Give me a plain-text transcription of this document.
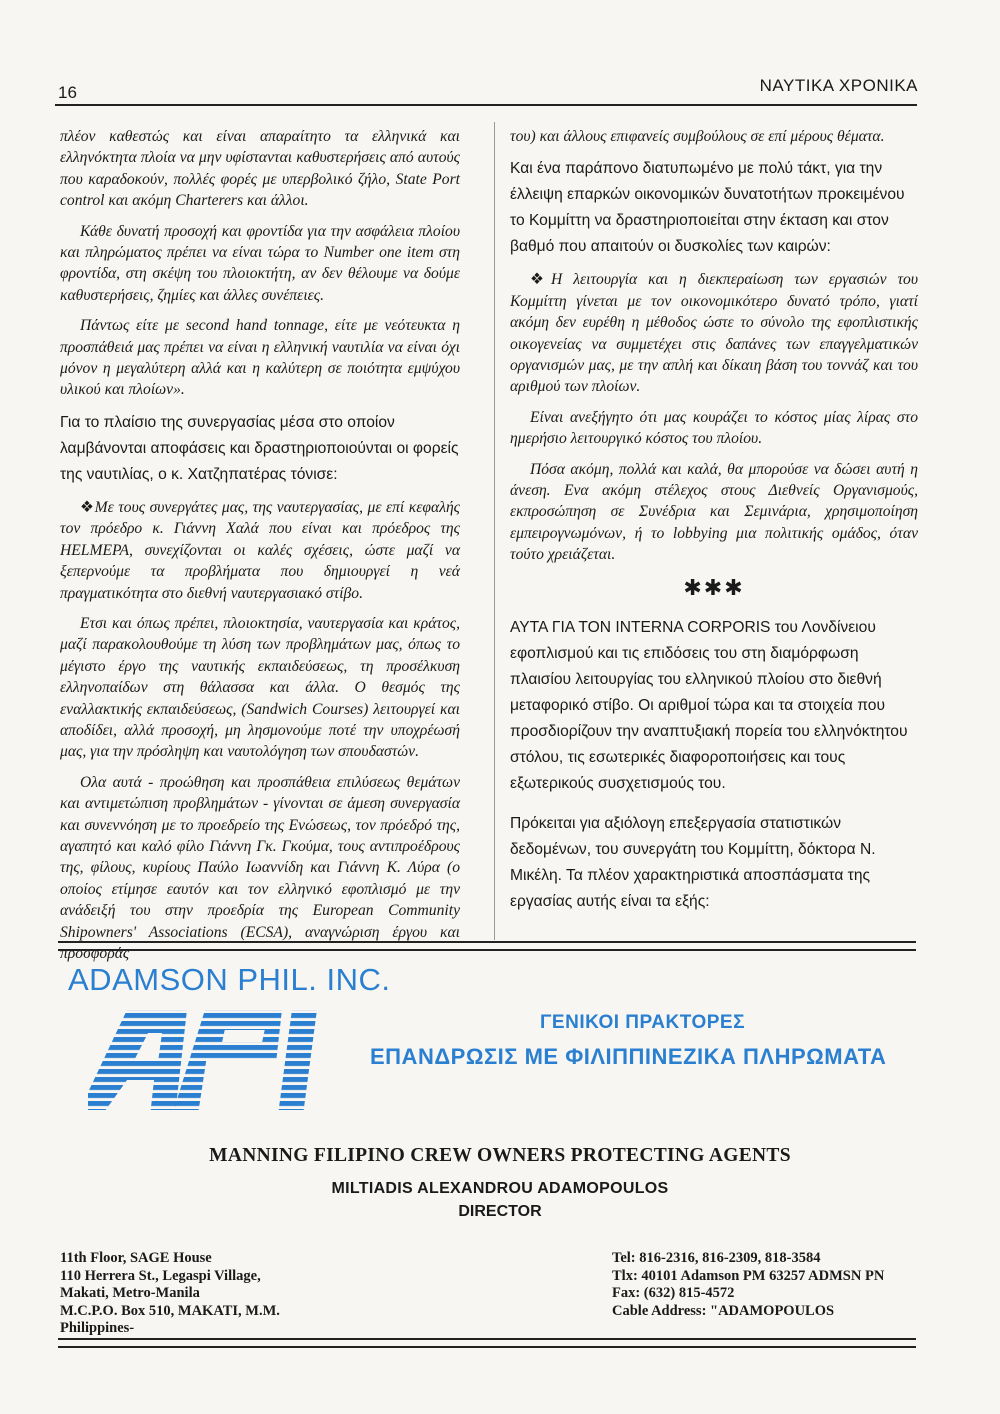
16	ΝΑΥΤΙΚΑ ΧΡΟΝΙΚΑ

πλέον καθεστώς και είναι απαραίτητο τα ελληνικά και ελληνόκτητα πλοία να μην υφίστανται καθυστερήσεις από αυτούς που καραδοκούν, πολλές φορές με υπερβολικό ζήλο, State Port control και ακόμη Charterers και άλλοι.

Κάθε δυνατή προσοχή και φροντίδα για την ασφάλεια πλοίου και πληρώματος πρέπει να είναι τώρα το Number one item στη φροντίδα, στη σκέψη του πλοιοκτήτη, αν δεν θέλουμε να δούμε καθυστερήσεις, ζημίες και άλλες συνέπειες.

Πάντως είτε με second hand tonnage, είτε με νεότευκτα η προσπάθειά μας πρέπει να είναι η ελληνική ναυτιλία να είναι όχι μόνον η μεγαλύτερη αλλά και η καλύτερη σε ποιότητα εμψύχου υλικού και πλοίων».

Για το πλαίσιο της συνεργασίας μέσα στο οποίον λαμβάνονται αποφάσεις και δραστηριοποιούνται οι φορείς της ναυτιλίας, ο κ. Χατζηπατέρας τόνισε:

❖ Με τους συνεργάτες μας, της ναυτεργασίας, με επί κεφαλής τον πρόεδρο κ. Γιάννη Χαλά που είναι και πρόεδρος της HELMEPA, συνεχίζονται οι καλές σχέσεις, ώστε μαζί να ξεπερνούμε τα προβλήματα που δημιουργεί η νεά πραγματικότητα στο διεθνή ναυτεργασιακό στίβο.

Ετσι και όπως πρέπει, πλοιοκτησία, ναυτεργασία και κράτος, μαζί παρακολουθούμε τη λύση των προβλημάτων μας, όπως το μέγιστο έργο της ναυτικής εκπαιδεύσεως, τη προσέλκυση ελληνοπαίδων στη θάλασσα και άλλα. Ο θεσμός της εναλλακτικής εκπαιδεύσεως, (Sandwich Courses) λειτουργεί και αποδίδει, αλλά προσοχή, μη λησμονούμε ποτέ την υποχρέωσή μας, για την πρόσληψη και ναυτολόγηση των σπουδαστών.

Ολα αυτά - προώθηση και προσπάθεια επιλύσεως θεμάτων και αντιμετώπιση προβλημάτων - γίνονται σε άμεση συνεργασία και συνεννόηση με το προεδρείο της Ενώσεως, τον πρόεδρό της, αγαπητό και καλό φίλο Γιάννη Γκ. Γκούμα, τους αντιπροέδρους της, φίλους, κυρίους Παύλο Ιωαννίδη και Γιάννη Κ. Λύρα (ο οποίος ετίμησε εαυτόν και τον ελληνικό εφοπλισμό με την ανάδειξή του στην προεδρία της European Community Shipowners' Associations (ECSA), αναγνώριση έργου και προσφοράς

του) και άλλους επιφανείς συμβούλους σε επί μέρους θέματα.

Και ένα παράπονο διατυπωμένο με πολύ τάκτ, για την έλλειψη επαρκών οικονομικών δυνατοτήτων προκειμένου το Κομμίττη να δραστηριοποιείται στην έκταση και στον βαθμό που απαιτούν οι δυσκολίες των καιρών:

❖ Η λειτουργία και η διεκπεραίωση των εργασιών του Κομμίττη γίνεται με τον οικονομικότερο δυνατό τρόπο, γιατί ακόμη δεν ευρέθη η μέθοδος ώστε το σύνολο της εφοπλιστικής οικογενείας να συμμετέχει στις δαπάνες των επαγγελματικών οργανισμών μας, με την απλή και δίκαιη βάση του τοννάζ και του αριθμού των πλοίων.

Είναι ανεξήγητο ότι μας κουράζει το κόστος μίας λίρας στο ημερήσιο λειτουργικό κόστος του πλοίου.

Πόσα ακόμη, πολλά και καλά, θα μπορούσε να δώσει αυτή η άνεση. Ενα ακόμη στέλεχος στους Διεθνείς Οργανισμούς, εκπροσώπηση σε Συνέδρια και Σεμινάρια, χρησιμοποίηση εμπειρογνωμόνων, ή το lobbying μια πολιτικής ομάδος, όταν τούτο χρειάζεται.

✱✱✱

ΑΥΤΑ ΓΙΑ ΤΟΝ INTERNA CORPORIS του Λονδίνειου εφοπλισμού και τις επιδόσεις του στη διαμόρφωση πλαισίου λειτουργίας του ελληνικού πλοίου στο διεθνή μεταφορικό στίβο. Οι αριθμοί τώρα και τα στοιχεία που προσδιορίζουν την αναπτυξιακή πορεία του ελληνόκτητου στόλου, τις εσωτερικές διαφοροποιήσεις και τους εξωτερικούς συσχετισμούς του.

Πρόκειται για αξιόλογη επεξεργασία στατιστικών δεδομένων, του συνεργάτη του Κομμίττη, δόκτορα Ν. Μικέλη. Τα πλέον χαρακτηριστικά αποσπάσματα της εργασίας αυτής είναι τα εξής:

ADAMSON PHIL. INC.
ΓΕΝΙΚΟΙ ΠΡΑΚΤΟΡΕΣ
ΕΠΑΝΔΡΩΣΙΣ ΜΕ ΦΙΛΙΠΠΙΝΕΖΙΚΑ ΠΛΗΡΩΜΑΤΑ
MANNING FILIPINO CREW OWNERS PROTECTING AGENTS
MILTIADIS ALEXANDROU ADAMOPOULOS
DIRECTOR
11th Floor, SAGE House
110 Herrera St., Legaspi Village,
Makati, Metro-Manila
M.C.P.O. Box 510, MAKATI, M.M.
Philippines-
Tel: 816-2316, 816-2309, 818-3584
Tlx: 40101 Adamson PM 63257 ADMSN PN
Fax: (632) 815-4572
Cable Address: "ADAMOPOULOS
